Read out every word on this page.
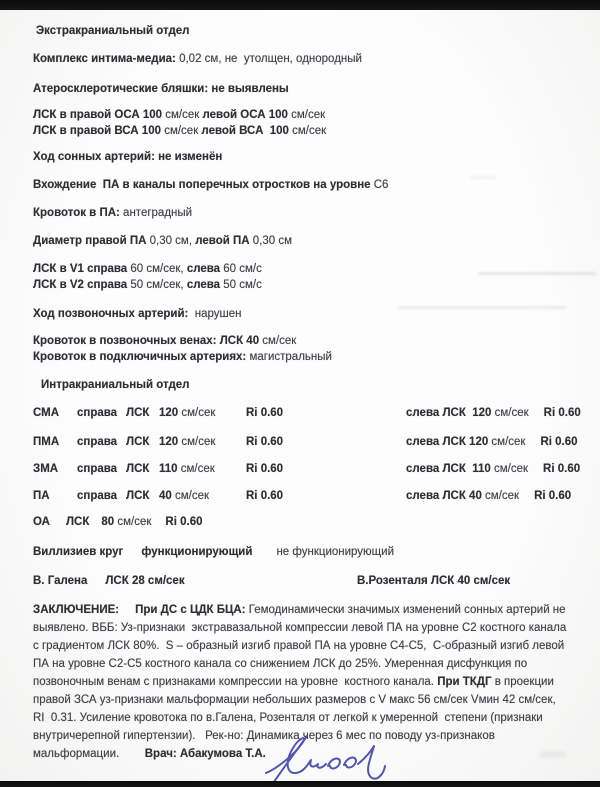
Экстракраниальный отдел
Комплекс интима-медиа: 0,02 см, не  утолщен, однородный
Атеросклеротические бляшки: не выявлены
ЛСК в правой ОСА 100 см/сек левой ОСА 100 см/сек
ЛСК в правой ВСА 100 см/сек левой ВСА  100 см/сек
Ход сонных артерий: не изменён
Вхождение  ПА в каналы поперечных отростков на уровне С6
Кровоток в ПА: антеградный
Диаметр правой ПА 0,30 см, левой ПА 0,30 см
ЛСК в V1 справа 60 см/сек, слева 60 см/с
ЛСК в V2 справа 50 см/сек, слева 50 см/с
Ход позвоночных артерий:  нарушен
Кровоток в позвоночных венах: ЛСК 40 см/сек
Кровоток в подключичных артериях: магистральный
Интракраниальный отдел
СМА	справа ЛСК 120 см/сек	Ri 0.60	слева ЛСК  120 см/сек Ri 0.60
ПМА	справа ЛСК 120 см/сек	Ri 0.60	слева ЛСК 120 см/сек Ri 0.60
ЗМА	справа ЛСК 110 см/сек	Ri 0.60	слева ЛСК  110 см/сек Ri 0.60
ПА	справа ЛСК 40 см/сек	Ri 0.60	слева ЛСК 40 см/сек Ri 0.60
ОА ЛСК 80 см/сек Ri 0.60
Виллизиев круг функционирующий не функционирующий
В. Галена ЛСК 28 см/сек	В.Розенталя ЛСК 40 см/сек
ЗАКЛЮЧЕНИЕ: При ДС с ЦДК БЦА: Гемодинамически значимых изменений сонных артерий не выявлено. ВББ: Уз-признаки  экстравазальной компрессии левой ПА на уровне С2 костного канала с градиентом ЛСК 80%.  S – образный изгиб правой ПА на уровне С4-С5,  С-образный изгиб левой ПА на уровне С2-С5 костного канала со снижением ЛСК до 25%. Умеренная дисфункция по позвоночным венам с признаками компрессии на уровне  костного канала. При ТКДГ в проекции правой ЗСА уз-признаки мальформации небольших размеров с V макс 56 см/сек Vмин 42 см/сек,  RI  0.31. Усиление кровотока по в.Галена, Розенталя от легкой к умеренной  степени (признаки внутричерепной гипертензии).   Рек-но: Динамика через 6 мес по поводу уз-признаков мальформации.        Врач: Абакумова Т.А.
